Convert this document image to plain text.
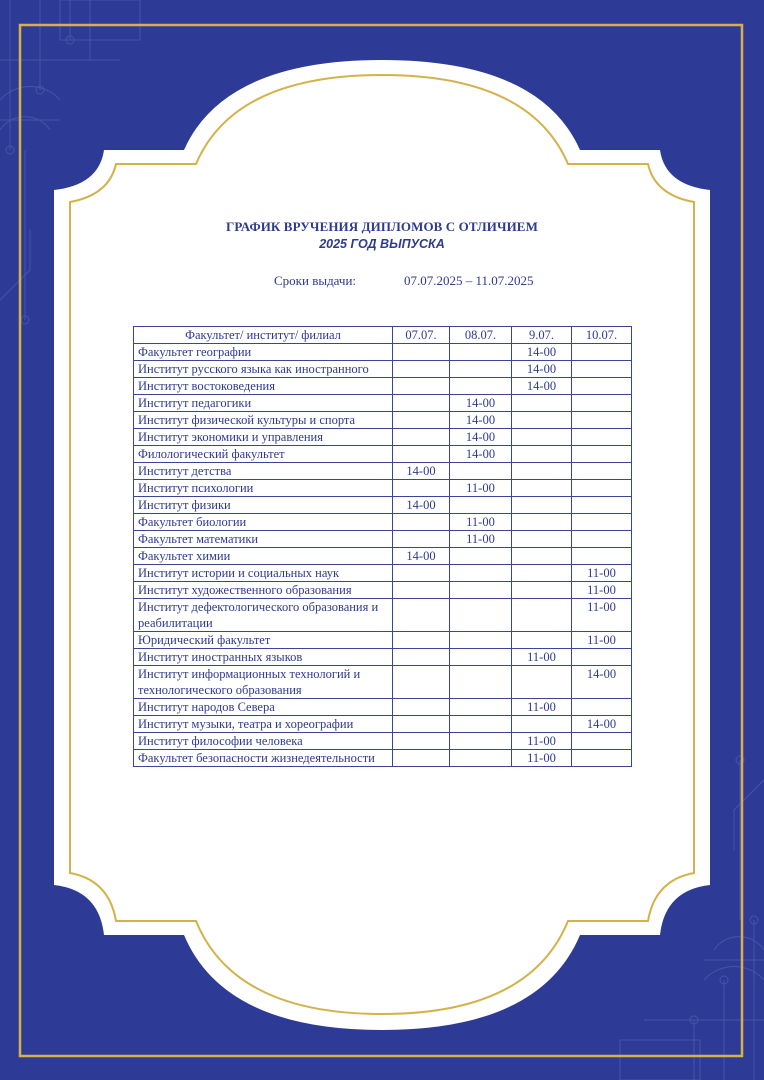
ГРАФИК ВРУЧЕНИЯ ДИПЛОМОВ С ОТЛИЧИЕМ
2025 ГОД ВЫПУСКА
Сроки выдачи:	07.07.2025 – 11.07.2025
Факультет/ институт/ филиал	07.07.	08.07.	9.07.	10.07.
Факультет географии			14-00	
Институт русского языка как иностранного			14-00	
Институт востоковедения			14-00	
Институт педагогики		14-00		
Институт физической культуры и спорта		14-00		
Институт экономики и управления		14-00		
Филологический факультет		14-00		
Институт детства	14-00			
Институт психологии		11-00		
Институт физики	14-00			
Факультет биологии		11-00		
Факультет математики		11-00		
Факультет химии	14-00			
Институт истории и социальных наук				11-00
Институт художественного образования				11-00
Институт дефектологического образования и реабилитации				11-00
Юридический факультет				11-00
Институт иностранных языков			11-00	
Институт информационных технологий и технологического образования				14-00
Институт народов Севера			11-00	
Институт музыки, театра и хореографии				14-00
Институт философии человека			11-00	
Факультет безопасности жизнедеятельности			11-00	
